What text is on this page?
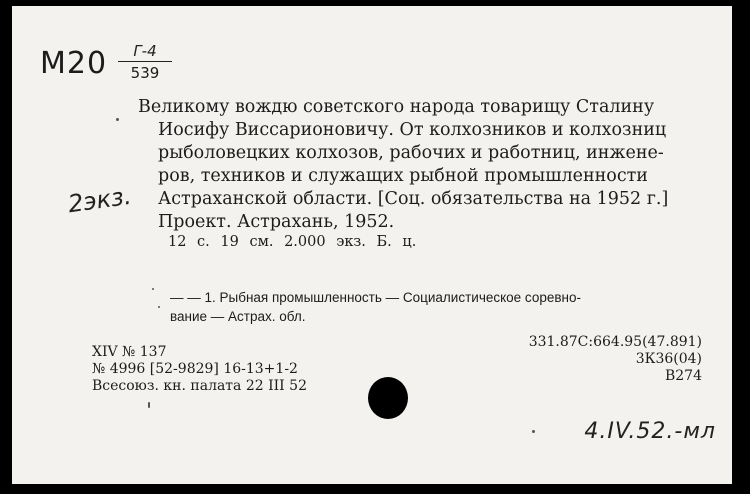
М20	Г-4
539
Великому вождю советского народа товарищу Сталину
Иосифу Виссарионовичу. От колхозников и колхозниц
рыболовецких колхозов, рабочих и работниц, инжене-
ров, техников и служащих рыбной промышленности
Астраханской области. [Соц. обязательства на 1952 г.]
Проект. Астрахань, 1952.
2экз.
12 с. 19 см. 2.000 экз. Б. ц.
— — 1. Рыбная промышленность — Социалистическое соревно-
вание — Астрах. обл.
XIV № 137
№ 4996 [52-9829] 16-13+1-2
Всесоюз. кн. палата 22 III 52
331.87С:664.95(47.891)
3К36(04)
В274
4.IV.52.-мл
